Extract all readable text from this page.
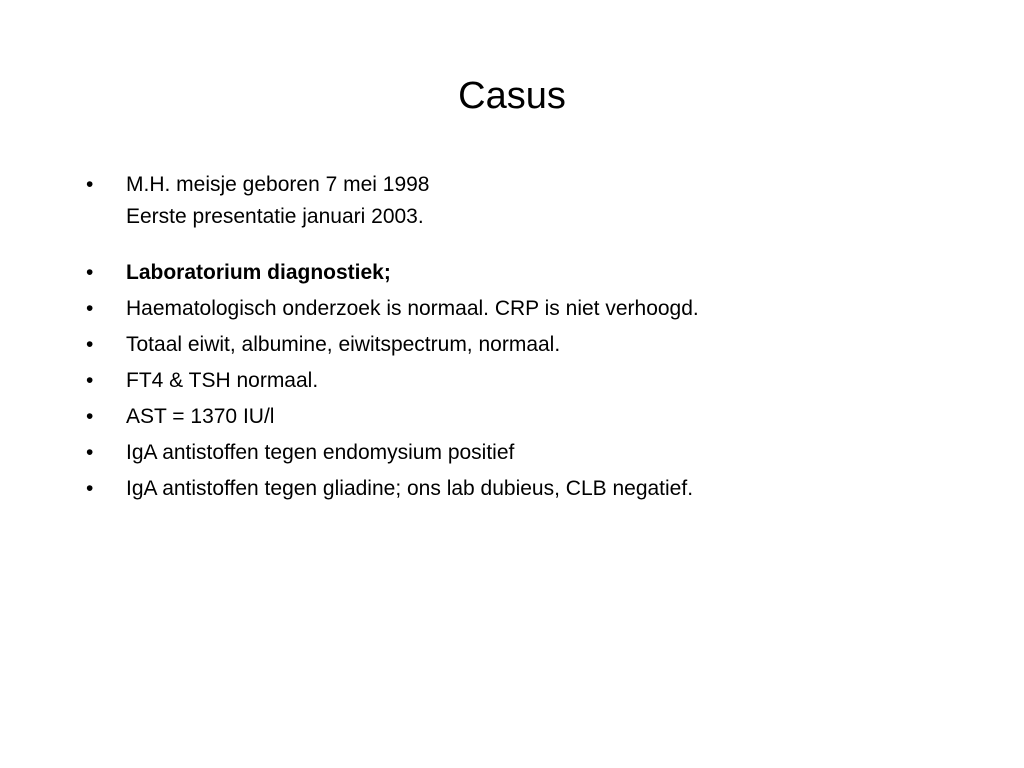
Casus
•	M.H. meisje geboren 7 mei 1998
Eerste presentatie januari 2003.
•	Laboratorium diagnostiek;
•	Haematologisch onderzoek is normaal. CRP is niet verhoogd.
•	Totaal eiwit, albumine, eiwitspectrum, normaal.
•	FT4 & TSH normaal.
•	AST = 1370 IU/l
•	IgA antistoffen tegen endomysium positief
•	IgA antistoffen tegen gliadine; ons lab dubieus, CLB negatief.
